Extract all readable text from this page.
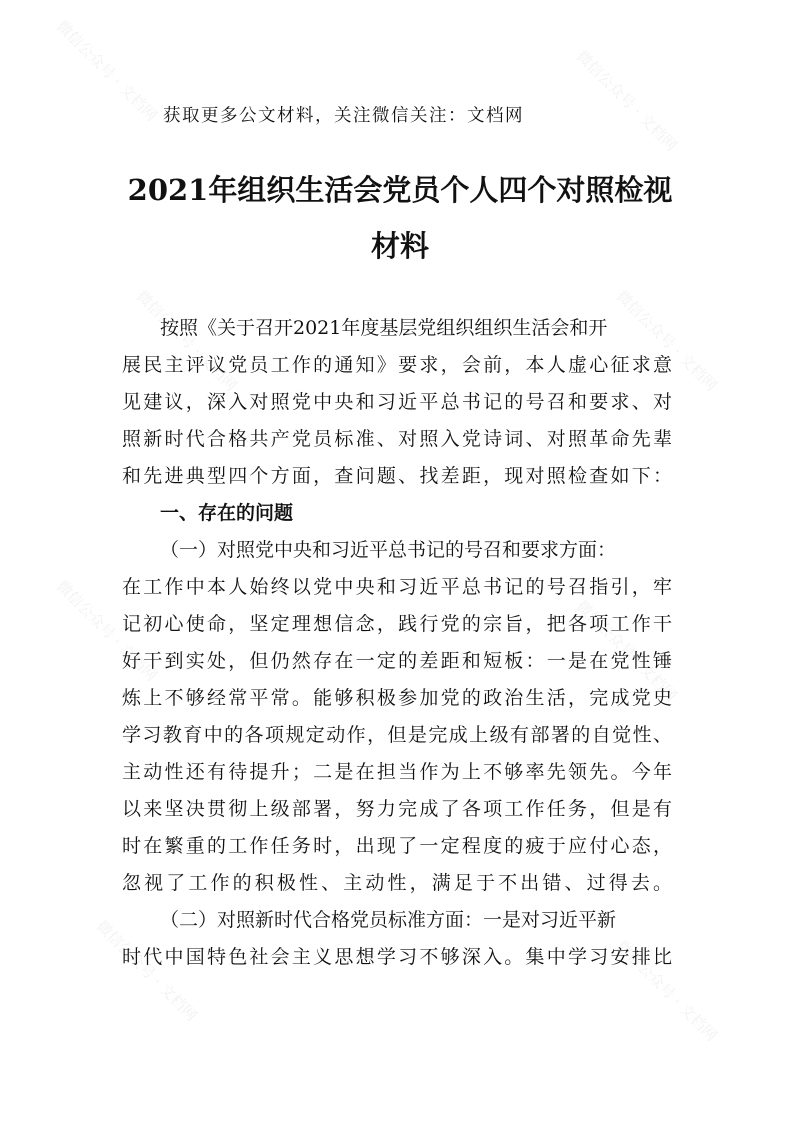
微信公众号 · 文档网	微信公众号 · 文档网
微信公众号 · 文档网	微信公众号 · 文档网
微信公众号 · 文档网	微信公众号 · 文档网
微信公众号 · 文档网	微信公众号 · 文档网
获取更多公文材料，关注微信关注：文档网
2021年组织生活会党员个人四个对照检视
材料
按照《关于召开2021年度基层党组织组织生活会和开
展民主评议党员工作的通知》要求，会前，本人虚心征求意
见建议，深入对照党中央和习近平总书记的号召和要求、对
照新时代合格共产党员标准、对照入党诗词、对照革命先辈
和先进典型四个方面，查问题、找差距，现对照检查如下：
一、存在的问题
（一）对照党中央和习近平总书记的号召和要求方面：
在工作中本人始终以党中央和习近平总书记的号召指引，牢
记初心使命，坚定理想信念，践行党的宗旨，把各项工作干
好干到实处，但仍然存在一定的差距和短板：一是在党性锤
炼上不够经常平常。能够积极参加党的政治生活，完成党史
学习教育中的各项规定动作，但是完成上级有部署的自觉性、
主动性还有待提升；二是在担当作为上不够率先领先。今年
以来坚决贯彻上级部署，努力完成了各项工作任务，但是有
时在繁重的工作任务时，出现了一定程度的疲于应付心态，
忽视了工作的积极性、主动性，满足于不出错、过得去。
（二）对照新时代合格党员标准方面：一是对习近平新
时代中国特色社会主义思想学习不够深入。集中学习安排比
